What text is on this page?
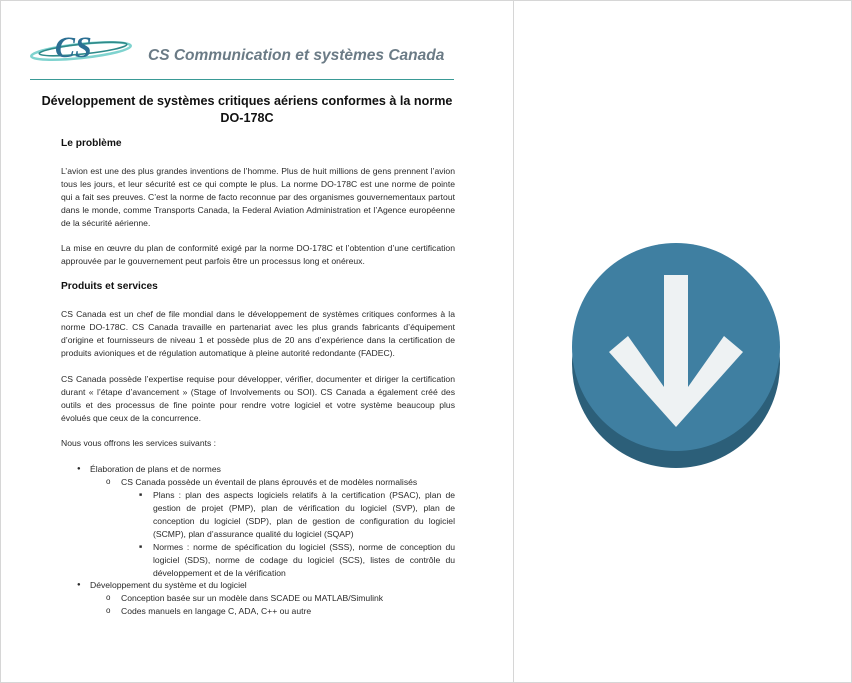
CS	CS Communication et systèmes Canada
Développement de systèmes critiques aériens conformes à la norme
DO-178C
Le problème

L’avion est une des plus grandes inventions de l’homme. Plus de huit millions de gens prennent l’avion tous les jours, et leur sécurité est ce qui compte le plus. La norme DO-178C est une norme de pointe qui a fait ses preuves. C’est la norme de facto reconnue par des organismes gouvernementaux partout dans le monde, comme Transports Canada, la Federal Aviation Administration et l’Agence européenne de la sécurité aérienne.

La mise en œuvre du plan de conformité exigé par la norme DO-178C et l’obtention d’une certification approuvée par le gouvernement peut parfois être un processus long et onéreux.

Produits et services

CS Canada est un chef de file mondial dans le développement de systèmes critiques conformes à la norme DO-178C. CS Canada travaille en partenariat avec les plus grands fabricants d’équipement d’origine et fournisseurs de niveau 1 et possède plus de 20 ans d’expérience dans la certification de produits avioniques et de régulation automatique à pleine autorité redondante (FADEC).

CS Canada possède l’expertise requise pour développer, vérifier, documenter et diriger la certification durant « l’étape d’avancement » (Stage of Involvements ou SOI). CS Canada a également créé des outils et des processus de fine pointe pour rendre votre logiciel et votre système beaucoup plus évolués que ceux de la concurrence.

Nous vous offrons les services suivants :

● Élaboration de plans et de normes
o CS Canada possède un éventail de plans éprouvés et de modèles normalisés
■ Plans : plan des aspects logiciels relatifs à la certification (PSAC), plan de gestion de projet (PMP), plan de vérification du logiciel (SVP), plan de conception du logiciel (SDP), plan de gestion de configuration du logiciel (SCMP), plan d’assurance qualité du logiciel (SQAP)
■ Normes : norme de spécification du logiciel (SSS), norme de conception du logiciel (SDS), norme de codage du logiciel (SCS), listes de contrôle du développement et de la vérification
● Développement du système et du logiciel
o Conception basée sur un modèle dans SCADE ou MATLAB/Simulink
o Codes manuels en langage C, ADA, C++ ou autre
